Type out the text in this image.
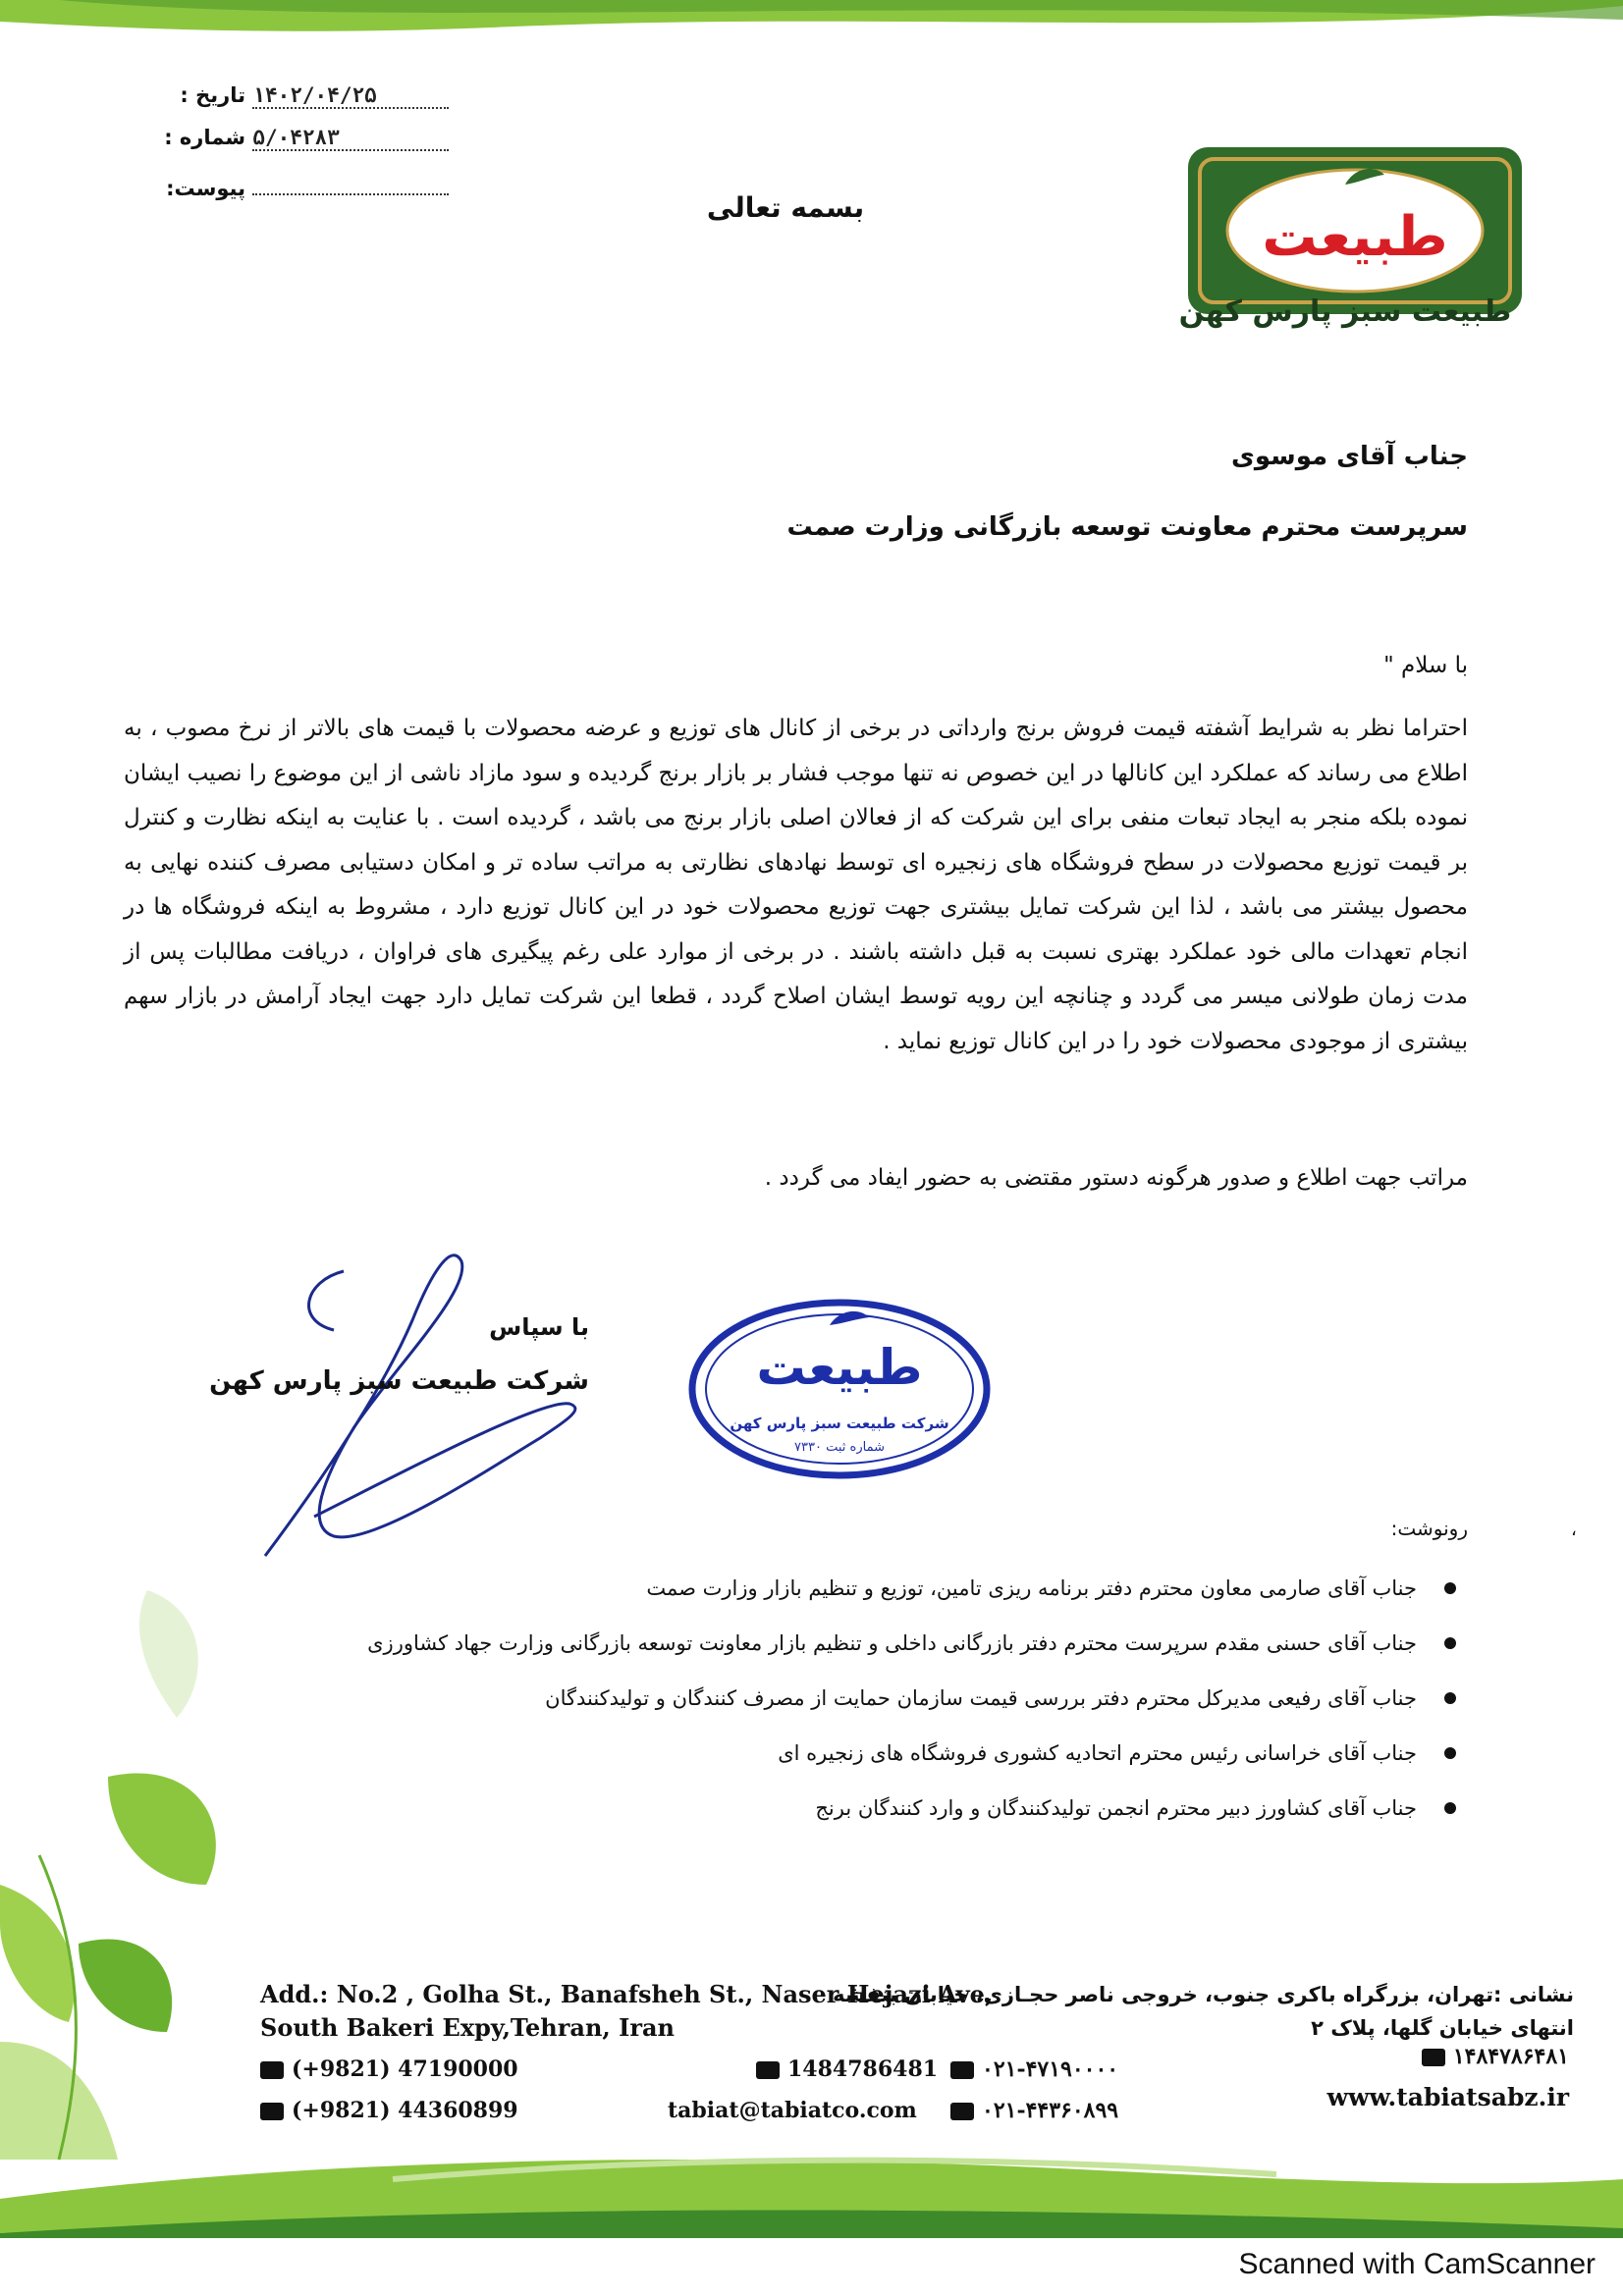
تاریخ : ۱۴۰۲/۰۴/۲۵
شماره : ۵/۰۴۲۸۳
پیوست:
بسمه تعالی	طبیعت
طبیعت سبز پارس کهن
جناب آقای موسوی
سرپرست محترم معاونت توسعه بازرگانی وزارت صمت
با سلام "
احتراما نظر به شرایط آشفته قیمت فروش برنج وارداتی در برخی از کانال های توزیع و عرضه محصولات با قیمت های بالاتر از نرخ مصوب ، به اطلاع می رساند که عملکرد این کانالها در این خصوص نه تنها موجب فشار بر بازار برنج گردیده و سود مازاد ناشی از این موضوع را نصیب ایشان نموده بلکه منجر به ایجاد تبعات منفی برای این شرکت که از فعالان اصلی بازار برنج می باشد ، گردیده است . با عنایت به اینکه نظارت و کنترل بر قیمت توزیع محصولات در سطح فروشگاه های زنجیره ای توسط نهادهای نظارتی به مراتب ساده تر و امکان دستیابی مصرف کننده نهایی به محصول بیشتر می باشد ، لذا این شرکت تمایل بیشتری جهت توزیع محصولات خود در این کانال توزیع دارد ، مشروط به اینکه فروشگاه ها در انجام تعهدات مالی خود عملکرد بهتری نسبت به قبل داشته باشند . در برخی از موارد علی رغم پیگیری های فراوان ، دریافت مطالبات پس از مدت زمان طولانی میسر می گردد و چنانچه این رویه توسط ایشان اصلاح گردد ، قطعا این شرکت تمایل دارد جهت ایجاد آرامش در بازار سهم بیشتری از موجودی محصولات خود را در این کانال توزیع نماید .
مراتب جهت اطلاع و صدور هرگونه دستور مقتضی به حضور ایفاد می گردد .
با سپاس
شرکت طبیعت سبز پارس کهن	طبیعت
شرکت طبیعت سبز پارس کهن
شماره ثبت ۷۳۳۰
رونوشت:	،
جناب آقای صارمی معاون محترم دفتر برنامه ریزی تامین، توزیع و تنظیم بازار وزارت صمت
جناب آقای حسنی مقدم سرپرست محترم دفتر بازرگانی داخلی و تنظیم بازار معاونت توسعه بازرگانی وزارت جهاد کشاورزی
جناب آقای رفیعی مدیرکل محترم دفتر بررسی قیمت سازمان حمایت از مصرف کنندگان و تولیدکنندگان
جناب آقای خراسانی رئیس محترم اتحادیه کشوری فروشگاه های زنجیره ای
جناب آقای کشاورز دبیر محترم انجمن تولیدکنندگان و وارد کنندگان برنج
Add.: No.2 , Golha St., Banafsheh St., Naser Hejazi Ave,
South Bakeri Expy,Tehran, Iran
(+9821) 47190000
(+9821) 44360899
1484786481
tabiat@tabiatco.com
۰۲۱-۴۷۱۹۰۰۰۰
۰۲۱-۴۴۳۶۰۸۹۹
نشانی :تهران، بزرگراه باکری جنوب، خروجی ناصر حجـازی، خیابان بنفشه
انتهای خیابان گلها، پلاک ۲
۱۴۸۴۷۸۶۴۸۱
www.tabiatsabz.ir
Scanned with CamScanner
